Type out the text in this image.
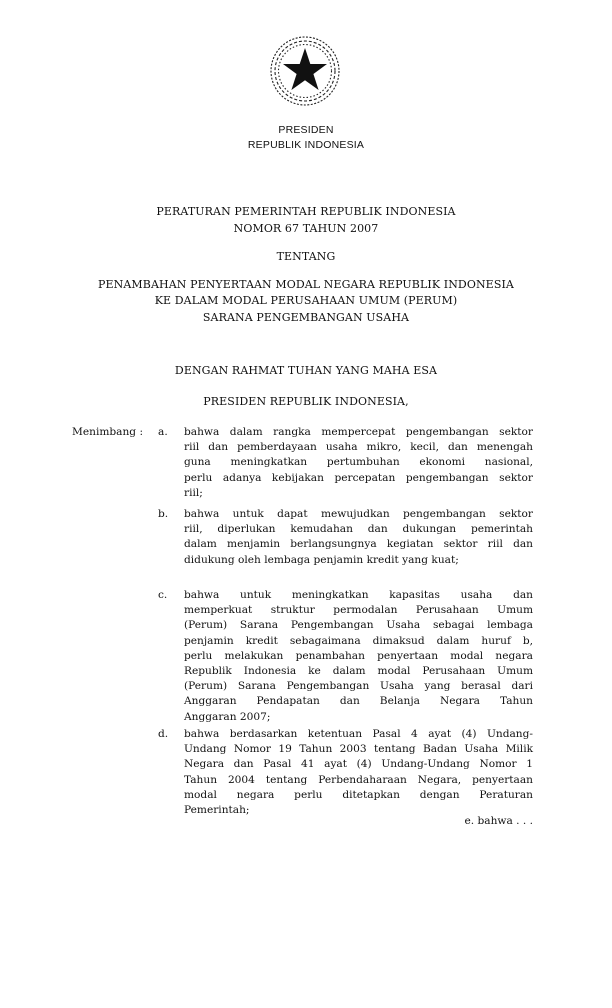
PRESIDEN
REPUBLIK INDONESIA
PERATURAN PEMERINTAH REPUBLIK INDONESIA
NOMOR 67 TAHUN 2007
TENTANG
PENAMBAHAN PENYERTAAN MODAL NEGARA REPUBLIK INDONESIA
KE DALAM MODAL PERUSAHAAN UMUM (PERUM)
SARANA PENGEMBANGAN USAHA
DENGAN RAHMAT TUHAN YANG MAHA ESA
PRESIDEN REPUBLIK INDONESIA,
Menimbang : a. bahwa dalam rangka mempercepat pengembangan sektor
riil dan pemberdayaan usaha mikro, kecil, dan menengah
guna meningkatkan pertumbuhan ekonomi nasional,
perlu adanya kebijakan percepatan pengembangan sektor
riil;
b. bahwa untuk dapat mewujudkan pengembangan sektor
riil, diperlukan kemudahan dan dukungan pemerintah
dalam menjamin berlangsungnya kegiatan sektor riil dan
didukung oleh lembaga penjamin kredit yang kuat;
c. bahwa untuk meningkatkan kapasitas usaha dan
memperkuat struktur permodalan Perusahaan Umum
(Perum) Sarana Pengembangan Usaha sebagai lembaga
penjamin kredit sebagaimana dimaksud dalam huruf b,
perlu melakukan penambahan penyertaan modal negara
Republik Indonesia ke dalam modal Perusahaan Umum
(Perum) Sarana Pengembangan Usaha yang berasal dari
Anggaran Pendapatan dan Belanja Negara Tahun
Anggaran 2007;
d. bahwa berdasarkan ketentuan Pasal 4 ayat (4) Undang-
Undang Nomor 19 Tahun 2003 tentang Badan Usaha Milik
Negara dan Pasal 41 ayat (4) Undang-Undang Nomor 1
Tahun 2004 tentang Perbendaharaan Negara, penyertaan
modal negara perlu ditetapkan dengan Peraturan
Pemerintah;
e. bahwa . . .
